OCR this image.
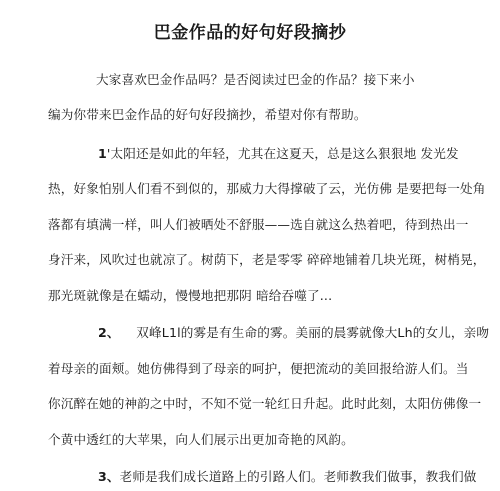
巴金作品的好句好段摘抄
大家喜欢巴金作品吗？是否阅读过巴金的作品？接下来小
编为你带来巴金作品的好句好段摘抄，希望对你有帮助。
1'太阳还是如此的年轻，尤其在这夏天，总是这么狠狠地 发光发
热，好象怕别人们看不到似的，那威力大得撑破了云，光仿佛 是要把每一处角
落都有填满一样，叫人们被晒处不舒服——选自就这么热着吧，待到热出一
身汗来，风吹过也就凉了。树荫下，老是零零 碎碎地铺着几块光斑，树梢晃，
那光斑就像是在蠕动，慢慢地把那阴 暗给吞噬了...
2、 双峰L1l的雾是有生命的雾。美丽的晨雾就像大Lh的女儿，亲吻
着母亲的面颊。她仿佛得到了母亲的呵护，便把流动的美回报给游人们。当
你沉醉在她的神韵之中时，不知不觉一轮红日升起。此时此刻，太阳仿佛像一
个黄中透红的大苹果，向人们展示出更加奇艳的风韵。
3、老师是我们成长道路上的引路人们。老师教我们做事，教我们做
